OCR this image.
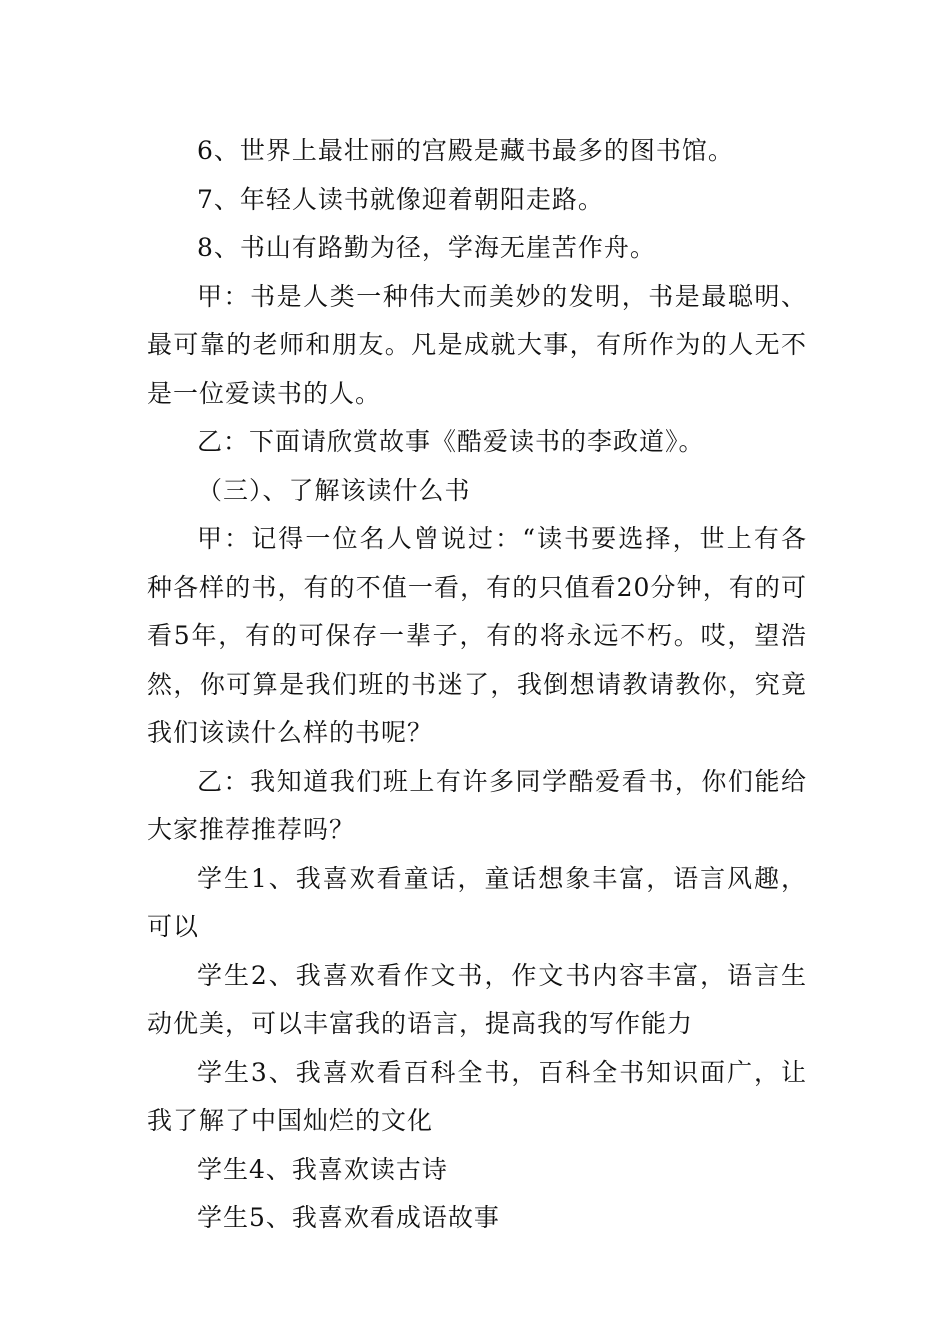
6、世界上最壮丽的宫殿是藏书最多的图书馆。

7、年轻人读书就像迎着朝阳走路。

8、书山有路勤为径，学海无崖苦作舟。

甲：书是人类一种伟大而美妙的发明，书是最聪明、最可靠的老师和朋友。凡是成就大事，有所作为的人无不是一位爱读书的人。

乙：下面请欣赏故事《酷爱读书的李政道》。

（三）、了解该读什么书

甲：记得一位名人曾说过：“读书要选择，世上有各种各样的书，有的不值一看，有的只值看20分钟，有的可看5年，有的可保存一辈子，有的将永远不朽。哎，望浩然，你可算是我们班的书迷了，我倒想请教请教你，究竟我们该读什么样的书呢？

乙：我知道我们班上有许多同学酷爱看书，你们能给大家推荐推荐吗？

学生1、我喜欢看童话，童话想象丰富，语言风趣，可以

学生2、我喜欢看作文书，作文书内容丰富，语言生动优美，可以丰富我的语言，提高我的写作能力

学生3、我喜欢看百科全书，百科全书知识面广，让我了解了中国灿烂的文化

学生4、我喜欢读古诗

学生5、我喜欢看成语故事
